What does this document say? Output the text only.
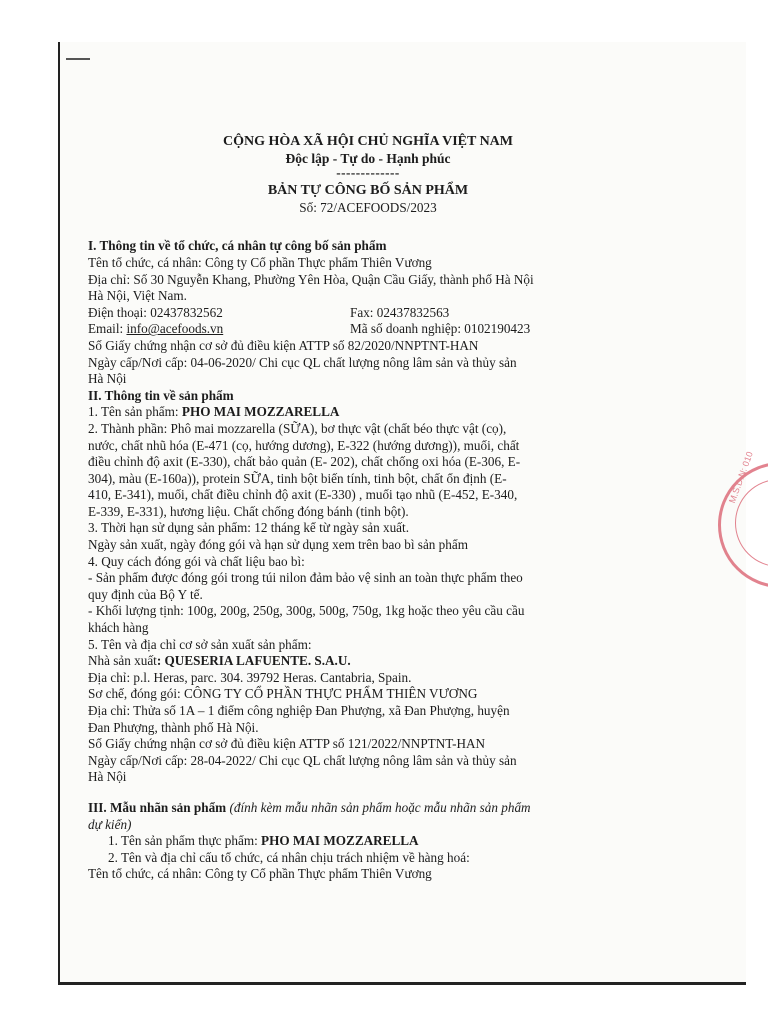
M.S.D.N: 010
CỘNG HÒA XÃ HỘI CHỦ NGHĨA VIỆT NAM
Độc lập - Tự do - Hạnh phúc
-------------
BẢN TỰ CÔNG BỐ SẢN PHẨM
Số: 72/ACEFOODS/2023
I. Thông tin về tổ chức, cá nhân tự công bố sản phẩm
Tên tổ chức, cá nhân: Công ty Cổ phần Thực phẩm Thiên Vương
Địa chỉ: Số 30 Nguyễn Khang, Phường Yên Hòa, Quận Cầu Giấy, thành phố Hà Nội
Hà Nội, Việt Nam.
Điện thoại: 02437832562	Fax: 02437832563
Email: info@acefoods.vn	Mã số doanh nghiệp: 0102190423
Số Giấy chứng nhận cơ sở đủ điều kiện ATTP số 82/2020/NNPTNT-HAN
Ngày cấp/Nơi cấp: 04-06-2020/ Chi cục QL chất lượng nông lâm sản và thủy sản
Hà Nội
II. Thông tin về sản phẩm
1. Tên sản phẩm: PHO MAI MOZZARELLA
2. Thành phần: Phô mai mozzarella (SỮA), bơ thực vật (chất béo thực vật (cọ),
nước, chất nhũ hóa (E-471 (cọ, hướng dương), E-322 (hướng dương)), muối, chất
điều chỉnh độ axit (E-330), chất bảo quản (E- 202), chất chống oxi hóa (E-306, E-
304), màu (E-160a)), protein SỮA, tinh bột biến tính, tinh bột, chất ổn định (E-
410, E-341), muối, chất điều chỉnh độ axit (E-330) , muối tạo nhũ (E-452, E-340,
E-339, E-331), hương liệu. Chất chống đóng bánh (tinh bột).
3. Thời hạn sử dụng sản phẩm: 12 tháng kể từ ngày sản xuất.
Ngày sản xuất, ngày đóng gói và hạn sử dụng xem trên bao bì sản phẩm
4. Quy cách đóng gói và chất liệu bao bì:
- Sản phẩm được đóng gói trong túi nilon đảm bảo vệ sinh an toàn thực phẩm theo
quy định của Bộ Y tế.
- Khối lượng tịnh: 100g, 200g, 250g, 300g, 500g, 750g, 1kg hoặc theo yêu cầu cầu
khách hàng
5. Tên và địa chỉ cơ sở sản xuất sản phẩm:
Nhà sản xuất: QUESERIA LAFUENTE. S.A.U.
Địa chỉ: p.l. Heras, parc. 304. 39792 Heras. Cantabria, Spain.
Sơ chế, đóng gói: CÔNG TY CỔ PHẦN THỰC PHẨM THIÊN VƯƠNG
Địa chỉ: Thửa số 1A – 1 điểm công nghiệp Đan Phượng, xã Đan Phượng, huyện
Đan Phượng, thành phố Hà Nội.
Số Giấy chứng nhận cơ sở đủ điều kiện ATTP số 121/2022/NNPTNT-HAN
Ngày cấp/Nơi cấp: 28-04-2022/ Chi cục QL chất lượng nông lâm sản và thủy sản
Hà Nội
III. Mẫu nhãn sản phẩm (đính kèm mẫu nhãn sản phẩm hoặc mẫu nhãn sản phẩm
dự kiến)
1. Tên sản phẩm thực phẩm: PHO MAI MOZZARELLA
2. Tên và địa chỉ cấu tổ chức, cá nhân chịu trách nhiệm về hàng hoá:
Tên tổ chức, cá nhân: Công ty Cổ phần Thực phẩm Thiên Vương
